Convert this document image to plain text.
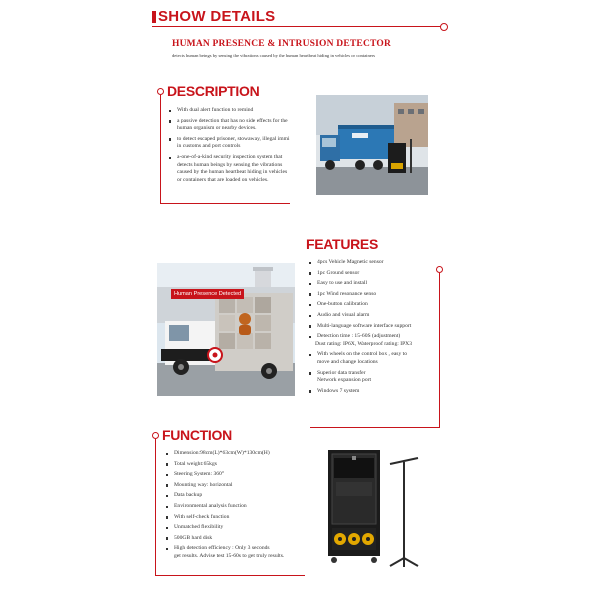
SHOW DETAILS
HUMAN PRESENCE & INTRUSION DETECTOR
detects human beings by sensing the vibrations caused by the human heartbeat hiding in vehicles or containers
DESCRIPTION
With dual alert function to remind
a passive detection that has no side effects for the
human organism or nearby devices.
to detect escaped prisoner, stowaway, illegal immi
in customs and port controls
a-one-of-a-kind security inspection system that
detects human beings by sensing the vibrations
caused by the human heartbeat hiding in vehicles
or containers that are loaded on vehicles.
FEATURES
Human Presence Detected
4pcs Vehicle Magnetic sensor
1pc Ground sensor
Easy to use and install
1pc Wind resonance senso
One-button calibration
Audio and visual alarm
Multi-language software interface support
Detection time : 15-60S (adjustment)
Dust rating: IP6X, Waterproof rating: IPX3
With wheels on the control box , easy to
move and change locations
Superior data transfer
Network expansion port
Windows 7 system
FUNCTION
Dimension:98cm(L)*63cm(W)*130cm(H)
Total weight:65kgs
Steering System: 360°
Mounting way: horizontal
Data backup
Environmental analysis function
With self-check function
Unmatched flexibility
500GB hard disk
High detection efficiency : Only 3 seconds
get results. Advise test 15-60s to get truly results.
